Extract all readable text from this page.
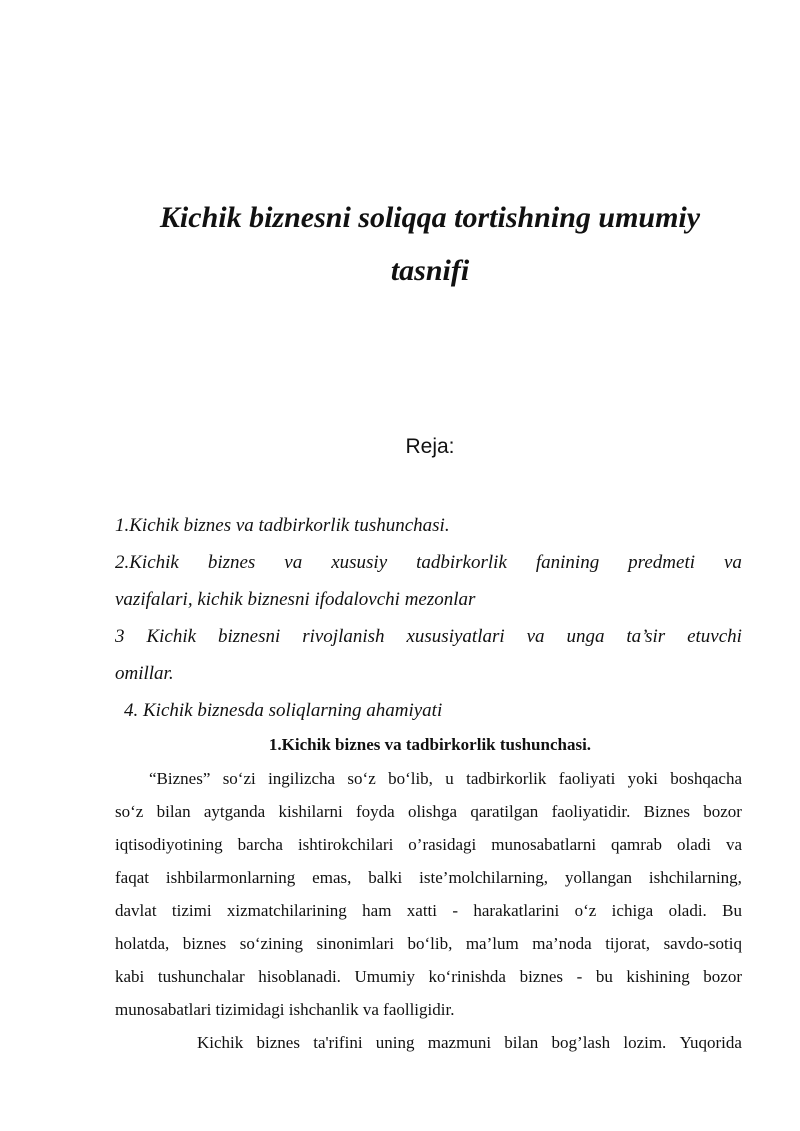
Kichik biznesni soliqqa tortishning umumiy
tasnifi

Reja:

1.Kichik biznes va tadbirkorlik tushunchasi.

2.Kichik biznes va xususiy tadbirkorlik fanining predmeti va

vazifalari, kichik biznesni ifodalovchi mezonlar

3 Kichik biznesni rivojlanish xususiyatlari va unga ta’sir etuvchi

omillar.

4. Kichik biznesda soliqlarning ahamiyati

1.Kichik biznes va tadbirkorlik tushunchasi.
“Biznes” so‘zi ingilizcha so‘z bo‘lib, u tadbirkorlik faoliyati yoki boshqacha
so‘z bilan aytganda kishilarni foyda olishga qaratilgan faoliyatidir. Biznes bozor
iqtisodiyotining barcha ishtirokchilari o’rasidagi munosabatlarni qamrab oladi va
faqat ishbilarmonlarning emas, balki iste’molchilarning, yollangan ishchilarning,
davlat tizimi xizmatchilarining ham xatti - harakatlarini o‘z ichiga oladi. Bu
holatda, biznes so‘zining sinonimlari bo‘lib, ma’lum ma’noda tijorat, savdo-sotiq
kabi tushunchalar hisoblanadi. Umumiy ko‘rinishda biznes - bu kishining bozor
munosabatlari tizimidagi ishchanlik va faolligidir.
Kichik biznes ta'rifini uning mazmuni bilan bog’lash lozim. Yuqorida
